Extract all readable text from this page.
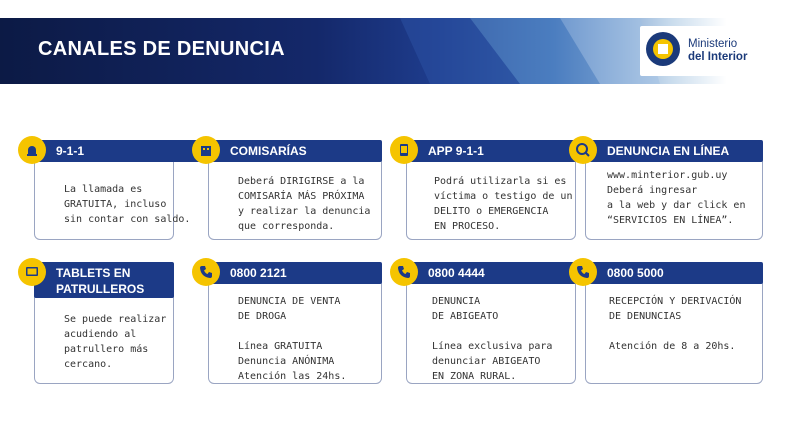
CANALES DE DENUNCIA	Ministerio
del Interior
9-1-1
La llamada es
GRATUITA, incluso
sin contar con saldo.
COMISARÍAS
Deberá DIRIGIRSE a la
COMISARÍA MÁS PRÓXIMA
y realizar la denuncia
que corresponda.
APP 9-1-1
Podrá utilizarla si es
víctima o testigo de un
DELITO o EMERGENCIA
EN PROCESO.
DENUNCIA EN LÍNEA
www.minterior.gub.uy
Deberá ingresar
a la web y dar click en
“SERVICIOS EN LÍNEA”.
TABLETS EN
PATRULLEROS
Se puede realizar
acudiendo al
patrullero más
cercano.
0800 2121
DENUNCIA DE VENTA
DE DROGA

Línea GRATUITA
Denuncia ANÓNIMA
Atención las 24hs.
0800 4444
DENUNCIA
DE ABIGEATO

Línea exclusiva para
denunciar ABIGEATO
EN ZONA RURAL.
0800 5000
RECEPCIÓN Y DERIVACIÓN
DE DENUNCIAS

Atención de 8 a 20hs.
